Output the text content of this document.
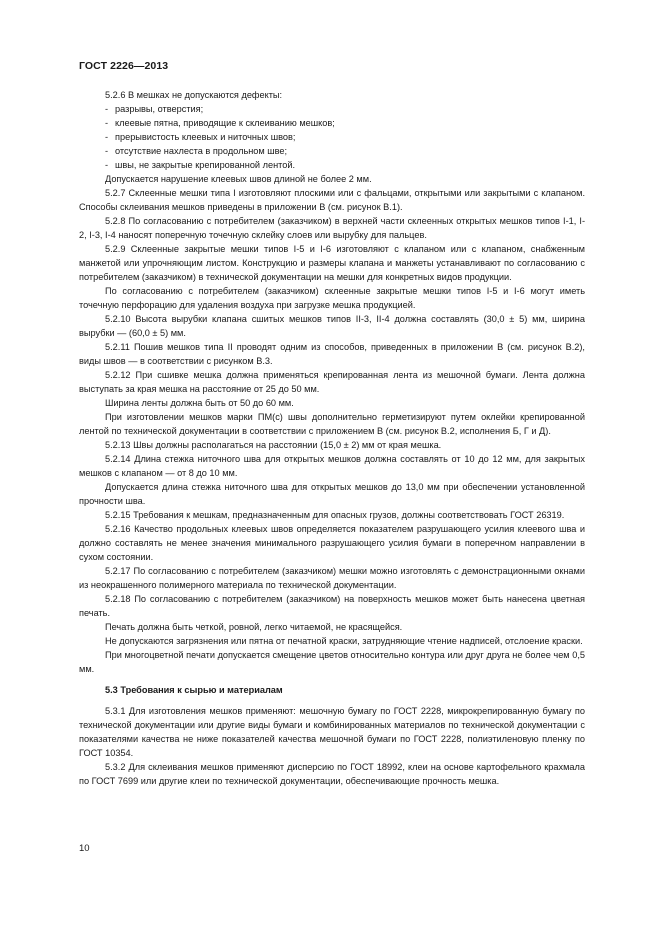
ГОСТ 2226—2013

5.2.6 В мешках не допускаются дефекты:

- разрывы, отверстия;
- клеевые пятна, приводящие к склеиванию мешков;
- прерывистость клеевых и ниточных швов;
- отсутствие нахлеста в продольном шве;
- швы, не закрытые крепированной лентой.

Допускается нарушение клеевых швов длиной не более 2 мм.

5.2.7 Склеенные мешки типа I изготовляют плоскими или с фальцами, открытыми или закрытыми с клапаном. Способы склеивания мешков приведены в приложении В (см. рисунок В.1).

5.2.8 По согласованию с потребителем (заказчиком) в верхней части склеенных открытых мешков типов I-1, I-2, I-3, I-4 наносят поперечную точечную склейку слоев или вырубку для пальцев.

5.2.9 Склеенные закрытые мешки типов I-5 и I-6 изготовляют с клапаном или с клапаном, снабженным манжетой или упрочняющим листом. Конструкцию и размеры клапана и манжеты устанавливают по согласованию с потребителем (заказчиком) в технической документации на мешки для конкретных видов продукции.

По согласованию с потребителем (заказчиком) склеенные закрытые мешки типов I-5 и I-6 могут иметь точечную перфорацию для удаления воздуха при загрузке мешка продукцией.

5.2.10 Высота вырубки клапана сшитых мешков типов II-3, II-4 должна составлять (30,0 ± 5) мм, ширина вырубки — (60,0 ± 5) мм.

5.2.11 Пошив мешков типа II проводят одним из способов, приведенных в приложении В (см. рисунок В.2), виды швов — в соответствии с рисунком В.3.

5.2.12 При сшивке мешка должна применяться крепированная лента из мешочной бумаги. Лента должна выступать за края мешка на расстояние от 25 до 50 мм.

Ширина ленты должна быть от 50 до 60 мм.

При изготовлении мешков марки ПМ(с) швы дополнительно герметизируют путем оклейки крепированной лентой по технической документации в соответствии с приложением В (см. рисунок В.2, исполнения Б, Г и Д).

5.2.13 Швы должны располагаться на расстоянии (15,0 ± 2) мм от края мешка.

5.2.14 Длина стежка ниточного шва для открытых мешков должна составлять от 10 до 12 мм, для закрытых мешков с клапаном — от 8 до 10 мм.

Допускается длина стежка ниточного шва для открытых мешков до 13,0 мм при обеспечении установленной прочности шва.

5.2.15 Требования к мешкам, предназначенным для опасных грузов, должны соответствовать ГОСТ 26319.

5.2.16 Качество продольных клеевых швов определяется показателем разрушающего усилия клеевого шва и должно составлять не менее значения минимального разрушающего усилия бумаги в поперечном направлении в сухом состоянии.

5.2.17 По согласованию с потребителем (заказчиком) мешки можно изготовлять с демонстрационными окнами из неокрашенного полимерного материала по технической документации.

5.2.18 По согласованию с потребителем (заказчиком) на поверхность мешков может быть нанесена цветная печать.

Печать должна быть четкой, ровной, легко читаемой, не красящейся.

Не допускаются загрязнения или пятна от печатной краски, затрудняющие чтение надписей, отслоение краски.

При многоцветной печати допускается смещение цветов относительно контура или друг друга не более чем 0,5 мм.

5.3 Требования к сырью и материалам

5.3.1 Для изготовления мешков применяют: мешочную бумагу по ГОСТ 2228, микрокрепированную бумагу по технической документации или другие виды бумаги и комбинированных материалов по технической документации с показателями качества не ниже показателей качества мешочной бумаги по ГОСТ 2228, полиэтиленовую пленку по ГОСТ 10354.

5.3.2 Для склеивания мешков применяют дисперсию по ГОСТ 18992, клеи на основе картофельного крахмала по ГОСТ 7699 или другие клеи по технической документации, обеспечивающие прочность мешка.

10
